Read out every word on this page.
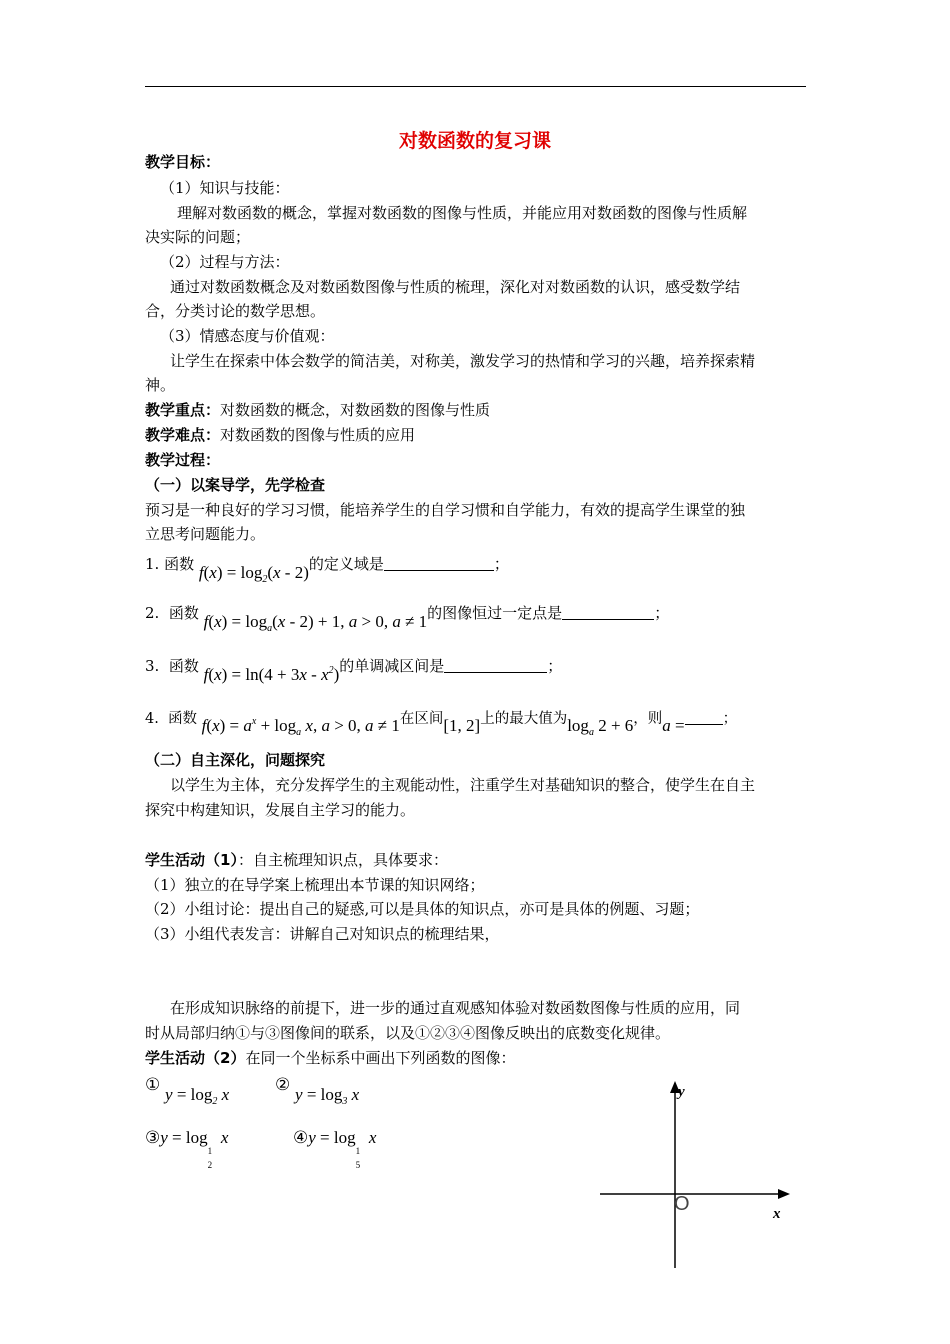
对数函数的复习课
教学目标：
（1）知识与技能：
理解对数函数的概念，掌握对数函数的图像与性质，并能应用对数函数的图像与性质解
决实际的问题；
（2）过程与方法：
通过对数函数概念及对数函数图像与性质的梳理，深化对对数函数的认识，感受数学结
合，分类讨论的数学思想。
（3）情感态度与价值观：
让学生在探索中体会数学的简洁美，对称美，激发学习的热情和学习的兴趣，培养探索精
神。
教学重点：对数函数的概念，对数函数的图像与性质
教学难点：对数函数的图像与性质的应用
教学过程：
（一）以案导学，先学检查
预习是一种良好的学习习惯，能培养学生的自学习惯和自学能力，有效的提高学生课堂的独
立思考问题能力。
1. 函数 $f(x) = \log_2(x - 2)$的定义域是	；
2. 函数 $f(x) = \log_a(x - 2) + 1$, a > 0, a ≠ 1的图像恒过一定点是	；
3. 函数 $f(x) = \ln(4 + 3x - x^2)$的单调减区间是	；
4. 函数 $f(x) = a^x + \log_a x$, a > 0, a ≠ 1在区间[1, 2]上的最大值为$\log_a 2 + 6$，则a =	；
（二）自主深化，问题探究
以学生为主体，充分发挥学生的主观能动性，注重学生对基础知识的整合，使学生在自主
探究中构建知识，发展自主学习的能力。
学生活动（1）：自主梳理知识点，具体要求：
（1）独立的在导学案上梳理出本节课的知识网络；
（2）小组讨论：提出自己的疑惑,可以是具体的知识点，亦可是具体的例题、习题；
（3）小组代表发言：讲解自己对知识点的梳理结果，
在形成知识脉络的前提下，进一步的通过直观感知体验对数函数图像与性质的应用，同
时从局部归纳①与③图像间的联系，以及①②③④图像反映出的底数变化规律。
学生活动（2）在同一个坐标系中画出下列函数的图像：
① $y = \log_2 x$	② $y = \log_3 x$
③y = log
1
2
x	④y = log
1
5
x
y
x
O
